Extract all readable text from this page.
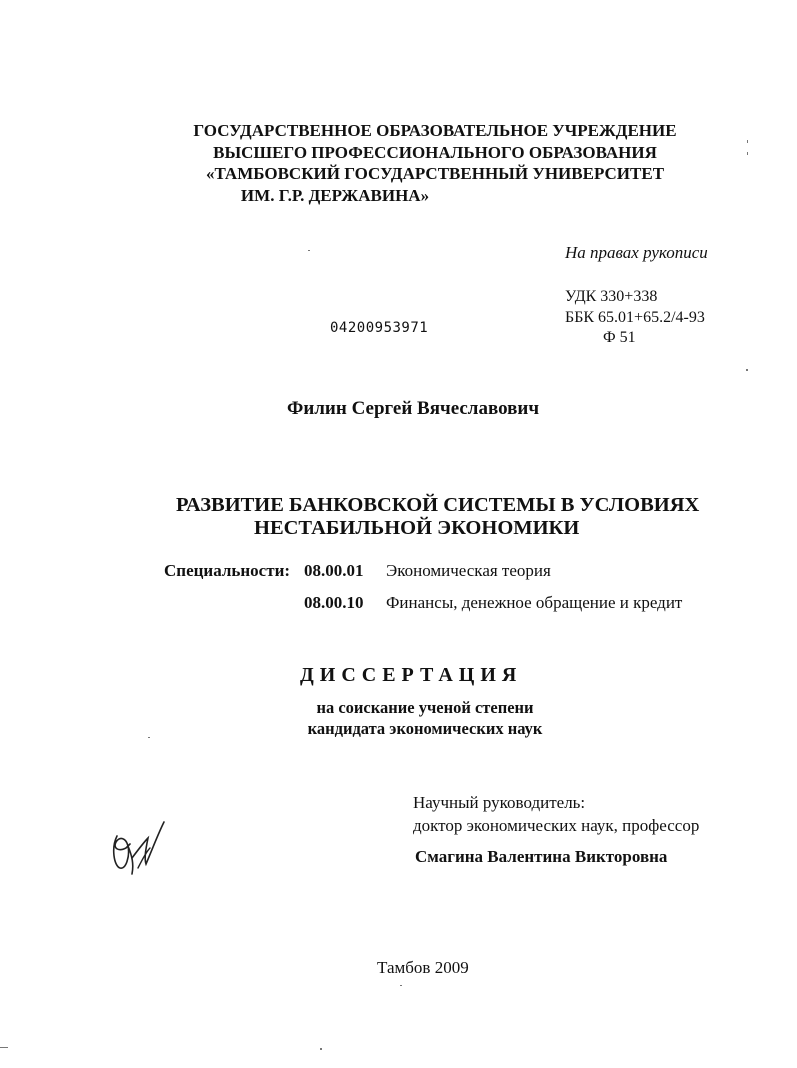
ГОСУДАРСТВЕННОЕ ОБРАЗОВАТЕЛЬНОЕ УЧРЕЖДЕНИЕ
ВЫСШЕГО ПРОФЕССИОНАЛЬНОГО ОБРАЗОВАНИЯ
«ТАМБОВСКИЙ ГОСУДАРСТВЕННЫЙ УНИВЕРСИТЕТ
ИМ. Г.Р. ДЕРЖАВИНА»
На правах рукописи
УДК 330+338
ББК 65.01+65.2/4-93
Ф 51
04200953971
Филин Сергей Вячеславович
РАЗВИТИЕ БАНКОВСКОЙ СИСТЕМЫ В УСЛОВИЯХ
НЕСТАБИЛЬНОЙ ЭКОНОМИКИ
Специальности: 08.00.01 Экономическая теория
08.00.10 Финансы, денежное обращение и кредит
ДИССЕРТАЦИЯ
на соискание ученой степени
кандидата экономических наук
Научный руководитель:
доктор экономических наук, профессор
Смагина Валентина Викторовна
Тамбов 2009
